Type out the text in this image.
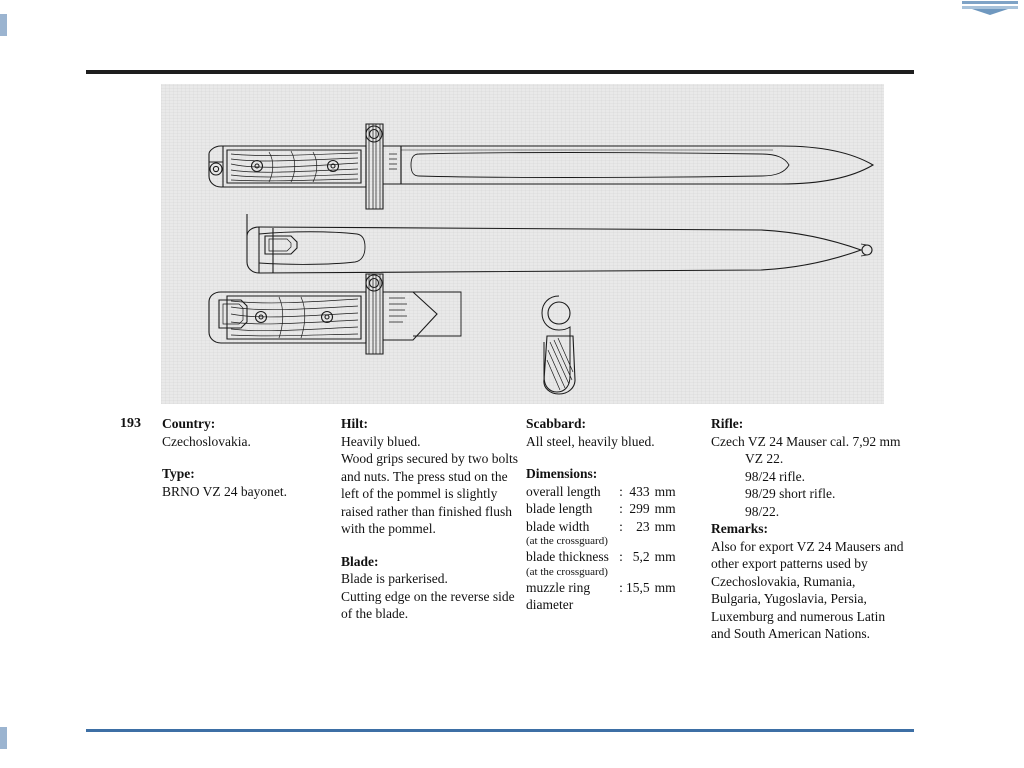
193	Country:

Czechoslovakia.

Type:

BRNO VZ 24 bayonet.

Hilt:

Heavily blued.

Wood grips secured by two bolts and nuts. The press stud on the left of the pommel is slightly raised rather than finished flush with the pommel.

Blade:

Blade is parkerised.

Cutting edge on the reverse side of the blade.

Scabbard:

All steel, heavily blued.

Dimensions:

overall length	:	433	mm
blade length	:	299	mm
blade width	:	23	mm
(at the crossguard)			
blade thickness	:	5,2	mm
(at the crossguard)			
muzzle ring diameter	:	15,5	mm

Rifle:

Czech VZ 24 Mauser cal. 7,92 mm

VZ 22.

98/24 rifle.

98/29 short rifle.

98/22.

Remarks:

Also for export VZ 24 Mausers and other export patterns used by Czechoslovakia, Rumania, Bulgaria, Yugoslavia, Persia, Luxemburg and numerous Latin and South American Nations.
